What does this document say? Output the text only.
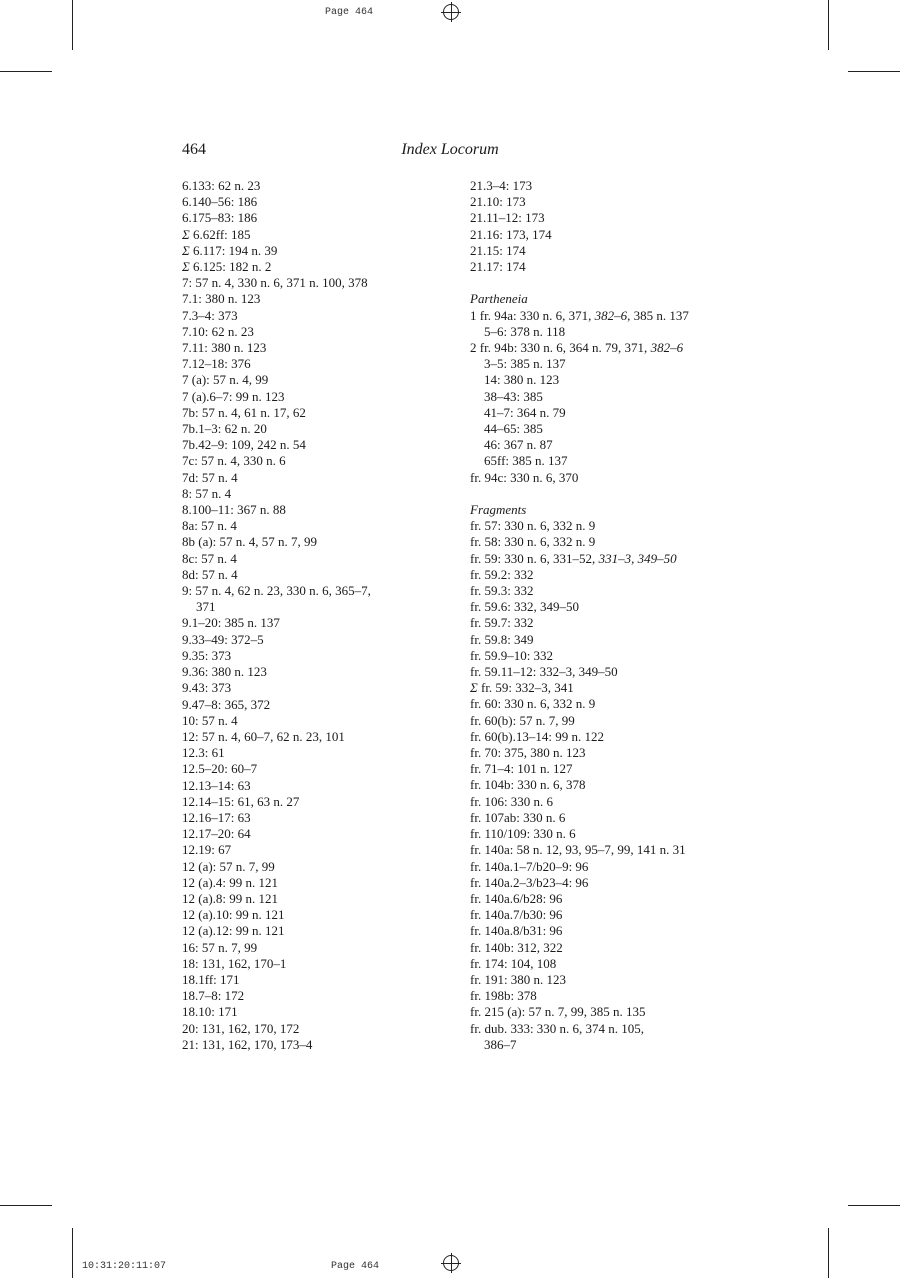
Page 464
10:31:20:11:07	Page 464
464	Index Locorum
6.133: 62 n. 23
6.140–56: 186
6.175–83: 186
Σ 6.62ff: 185
Σ 6.117: 194 n. 39
Σ 6.125: 182 n. 2
7: 57 n. 4, 330 n. 6, 371 n. 100, 378
7.1: 380 n. 123
7.3–4: 373
7.10: 62 n. 23
7.11: 380 n. 123
7.12–18: 376
7 (a): 57 n. 4, 99
7 (a).6–7: 99 n. 123
7b: 57 n. 4, 61 n. 17, 62
7b.1–3: 62 n. 20
7b.42–9: 109, 242 n. 54
7c: 57 n. 4, 330 n. 6
7d: 57 n. 4
8: 57 n. 4
8.100–11: 367 n. 88
8a: 57 n. 4
8b (a): 57 n. 4, 57 n. 7, 99
8c: 57 n. 4
8d: 57 n. 4
9: 57 n. 4, 62 n. 23, 330 n. 6, 365–7,
371
9.1–20: 385 n. 137
9.33–49: 372–5
9.35: 373
9.36: 380 n. 123
9.43: 373
9.47–8: 365, 372
10: 57 n. 4
12: 57 n. 4, 60–7, 62 n. 23, 101
12.3: 61
12.5–20: 60–7
12.13–14: 63
12.14–15: 61, 63 n. 27
12.16–17: 63
12.17–20: 64
12.19: 67
12 (a): 57 n. 7, 99
12 (a).4: 99 n. 121
12 (a).8: 99 n. 121
12 (a).10: 99 n. 121
12 (a).12: 99 n. 121
16: 57 n. 7, 99
18: 131, 162, 170–1
18.1ff: 171
18.7–8: 172
18.10: 171
20: 131, 162, 170, 172
21: 131, 162, 170, 173–4
21.3–4: 173
21.10: 173
21.11–12: 173
21.16: 173, 174
21.15: 174
21.17: 174
Partheneia
1 fr. 94a: 330 n. 6, 371, 382–6, 385 n. 137
5–6: 378 n. 118
2 fr. 94b: 330 n. 6, 364 n. 79, 371, 382–6
3–5: 385 n. 137
14: 380 n. 123
38–43: 385
41–7: 364 n. 79
44–65: 385
46: 367 n. 87
65ff: 385 n. 137
fr. 94c: 330 n. 6, 370
Fragments
fr. 57: 330 n. 6, 332 n. 9
fr. 58: 330 n. 6, 332 n. 9
fr. 59: 330 n. 6, 331–52, 331–3, 349–50
fr. 59.2: 332
fr. 59.3: 332
fr. 59.6: 332, 349–50
fr. 59.7: 332
fr. 59.8: 349
fr. 59.9–10: 332
fr. 59.11–12: 332–3, 349–50
Σ fr. 59: 332–3, 341
fr. 60: 330 n. 6, 332 n. 9
fr. 60(b): 57 n. 7, 99
fr. 60(b).13–14: 99 n. 122
fr. 70: 375, 380 n. 123
fr. 71–4: 101 n. 127
fr. 104b: 330 n. 6, 378
fr. 106: 330 n. 6
fr. 107ab: 330 n. 6
fr. 110/109: 330 n. 6
fr. 140a: 58 n. 12, 93, 95–7, 99, 141 n. 31
fr. 140a.1–7/b20–9: 96
fr. 140a.2–3/b23–4: 96
fr. 140a.6/b28: 96
fr. 140a.7/b30: 96
fr. 140a.8/b31: 96
fr. 140b: 312, 322
fr. 174: 104, 108
fr. 191: 380 n. 123
fr. 198b: 378
fr. 215 (a): 57 n. 7, 99, 385 n. 135
fr. dub. 333: 330 n. 6, 374 n. 105,
386–7
